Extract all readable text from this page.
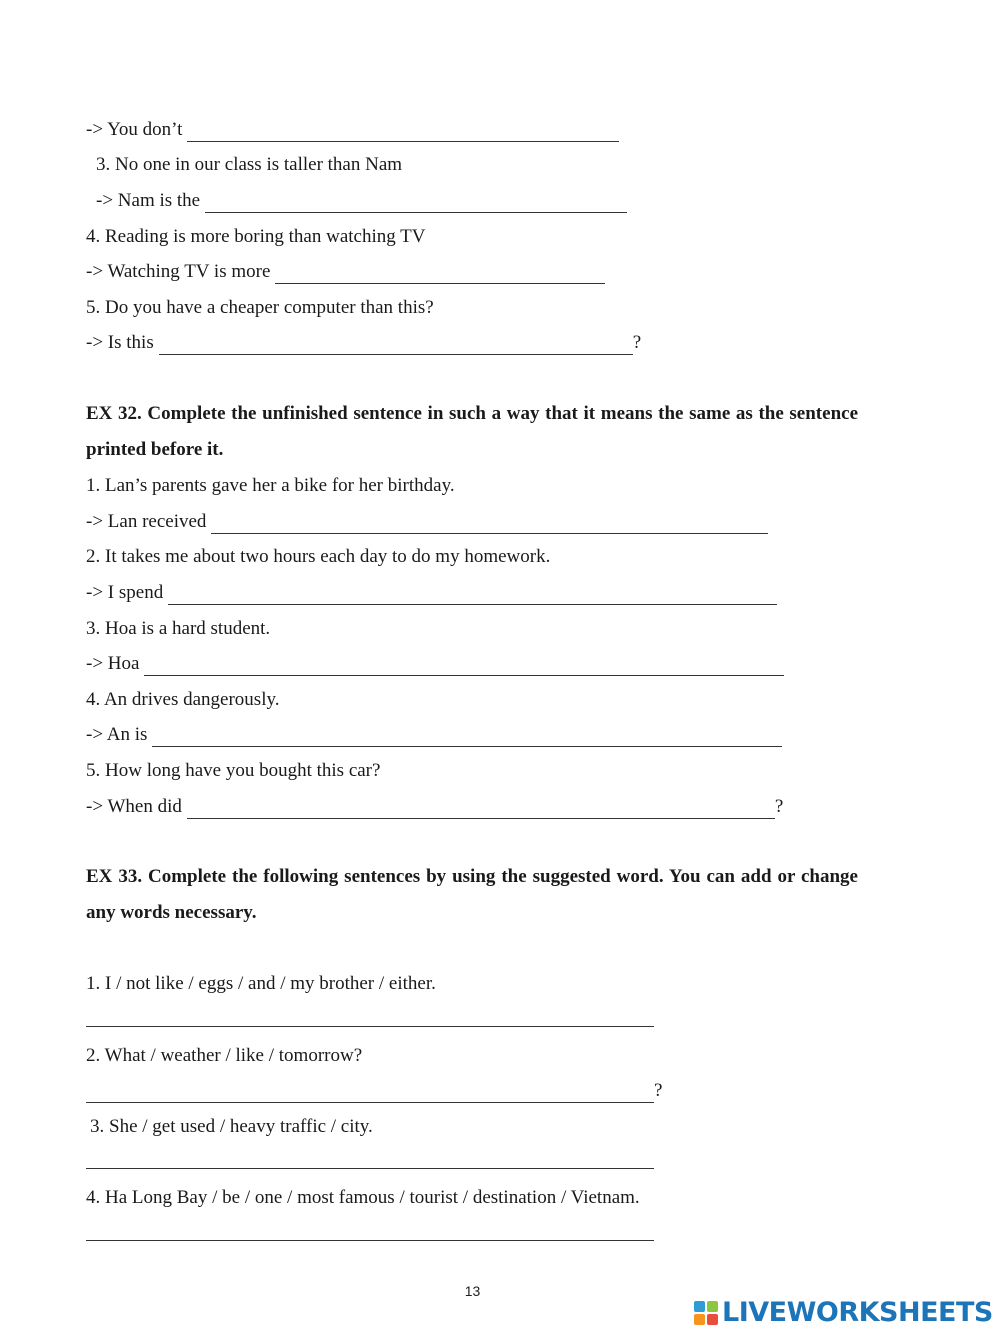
-> You don’t
3. No one in our class is taller than Nam
-> Nam is the
4. Reading is more boring than watching TV
-> Watching TV is more
5. Do you have a cheaper computer than this?
-> Is this	?
EX 32. Complete the unfinished sentence in such a way that it means the same as the sentence printed before it.
1. Lan’s parents gave her a bike for her birthday.
-> Lan received
2. It takes me about two hours each day to do my homework.
-> I spend
3. Hoa is a hard student.
-> Hoa
4. An drives dangerously.
-> An is
5. How long have you bought this car?
-> When did	?
EX 33. Complete the following sentences by using the suggested word. You can add or change any words necessary.
1. I / not like / eggs / and / my brother / either.
2. What / weather / like / tomorrow?
?
3. She / get used / heavy traffic / city.
4. Ha Long Bay / be / one / most famous / tourist / destination / Vietnam.
13
LIVEWORKSHEETS
